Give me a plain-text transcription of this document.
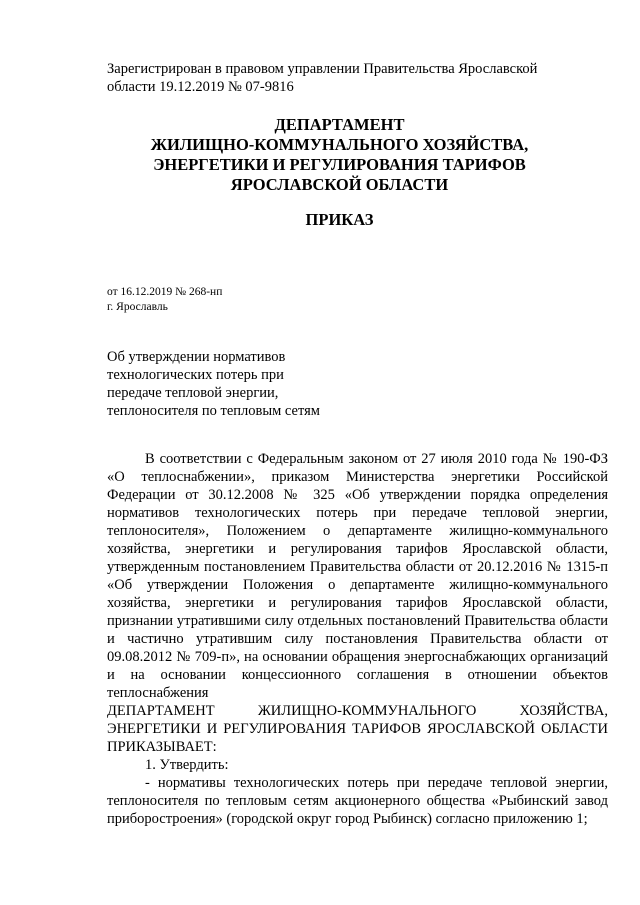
Зарегистрирован в правовом управлении Правительства Ярославской
области 19.12.2019 № 07-9816
ДЕПАРТАМЕНТ
ЖИЛИЩНО-КОММУНАЛЬНОГО ХОЗЯЙСТВА,
ЭНЕРГЕТИКИ И РЕГУЛИРОВАНИЯ ТАРИФОВ
ЯРОСЛАВСКОЙ ОБЛАСТИ
ПРИКАЗ
от 16.12.2019 № 268-нп
г. Ярославль
Об утверждении нормативов
технологических потерь при
передаче тепловой энергии,
теплоносителя по тепловым сетям

В соответствии с Федеральным законом от 27 июля 2010 года № 190-ФЗ «О теплоснабжении», приказом Министерства энергетики Российской Федерации от 30.12.2008 № 325 «Об утверждении порядка определения нормативов технологических потерь при передаче тепловой энергии, теплоносителя», Положением о департаменте жилищно-коммунального хозяйства, энергетики и регулирования тарифов Ярославской области, утвержденным постановлением Правительства области от 20.12.2016 № 1315-п «Об утверждении Положения о департаменте жилищно-коммунального хозяйства, энергетики и регулирования тарифов Ярославской области, признании утратившими силу отдельных постановлений Правительства области и частично утратившим силу постановления Правительства области от 09.08.2012 № 709-п», на основании обращения энергоснабжающих организаций и на основании концессионного соглашения в отношении объектов теплоснабжения

ДЕПАРТАМЕНТ ЖИЛИЩНО-КОММУНАЛЬНОГО ХОЗЯЙСТВА, ЭНЕРГЕТИКИ И РЕГУЛИРОВАНИЯ ТАРИФОВ ЯРОСЛАВСКОЙ ОБЛАСТИ ПРИКАЗЫВАЕТ:

1. Утвердить:

- нормативы технологических потерь при передаче тепловой энергии, теплоносителя по тепловым сетям акционерного общества «Рыбинский завод приборостроения» (городской округ город Рыбинск) согласно приложению 1;
